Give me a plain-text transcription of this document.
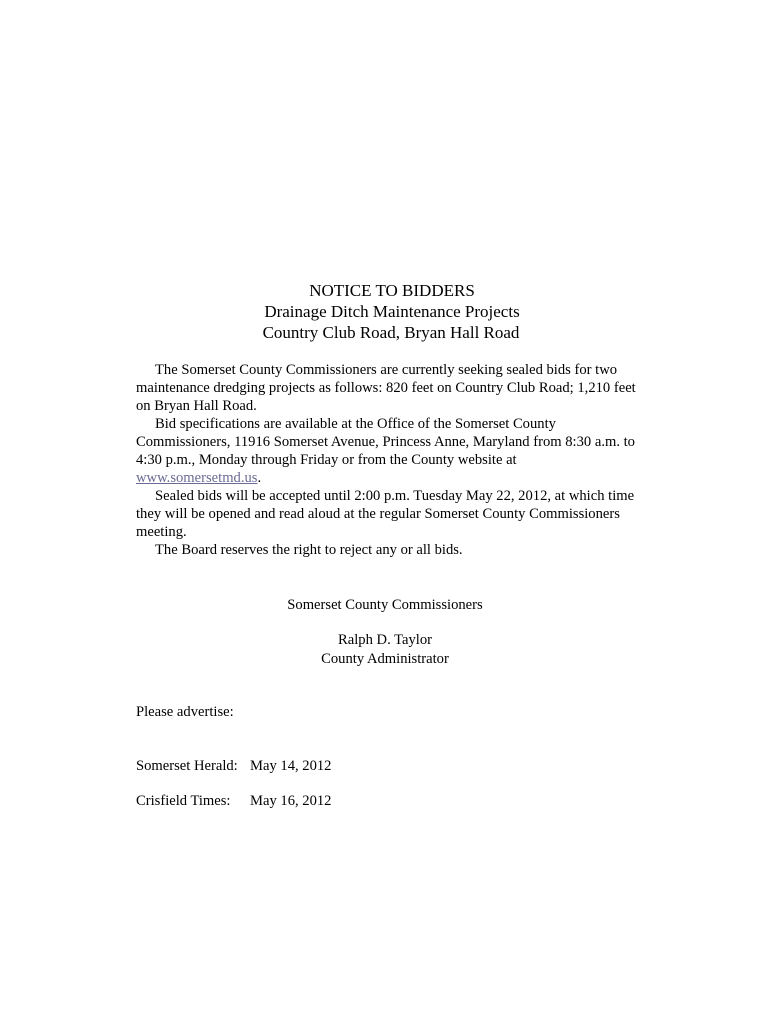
NOTICE TO BIDDERS
Drainage Ditch Maintenance Projects
Country Club Road, Bryan Hall Road

The Somerset County Commissioners are currently seeking sealed bids for two maintenance dredging projects as follows: 820 feet on Country Club Road; 1,210 feet on Bryan Hall Road.

Bid specifications are available at the Office of the Somerset County Commissioners, 11916 Somerset Avenue, Princess Anne, Maryland from 8:30 a.m. to 4:30 p.m., Monday through Friday or from the County website at www.somersetmd.us.

Sealed bids will be accepted until 2:00 p.m. Tuesday May 22, 2012, at which time they will be opened and read aloud at the regular Somerset County Commissioners meeting.

The Board reserves the right to reject any or all bids.

Somerset County Commissioners
Ralph D. Taylor
County Administrator
Please advertise:
Somerset Herald: May 14, 2012
Crisfield Times: May 16, 2012
